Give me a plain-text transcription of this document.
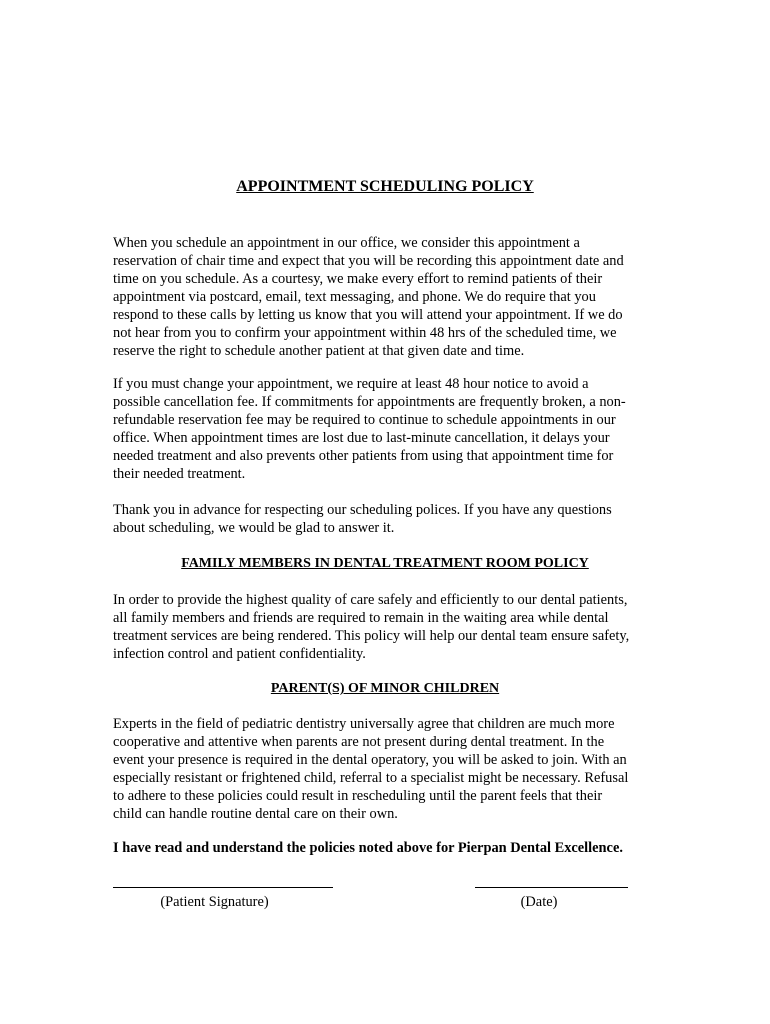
APPOINTMENT SCHEDULING POLICY

When you schedule an appointment in our office, we consider this appointment a
reservation of chair time and expect that you will be recording this appointment date and
time on you schedule. As a courtesy, we make every effort to remind patients of their
appointment via postcard, email, text messaging, and phone. We do require that you
respond to these calls by letting us know that you will attend your appointment. If we do
not hear from you to confirm your appointment within 48 hrs of the scheduled time, we
reserve the right to schedule another patient at that given date and time.

If you must change your appointment, we require at least 48 hour notice to avoid a
possible cancellation fee. If commitments for appointments are frequently broken, a non-
refundable reservation fee may be required to continue to schedule appointments in our
office. When appointment times are lost due to last-minute cancellation, it delays your
needed treatment and also prevents other patients from using that appointment time for
their needed treatment.

Thank you in advance for respecting our scheduling polices. If you have any questions
about scheduling, we would be glad to answer it.

FAMILY MEMBERS IN DENTAL TREATMENT ROOM POLICY

In order to provide the highest quality of care safely and efficiently to our dental patients,
all family members and friends are required to remain in the waiting area while dental
treatment services are being rendered. This policy will help our dental team ensure safety,
infection control and patient confidentiality.

PARENT(S) OF MINOR CHILDREN

Experts in the field of pediatric dentistry universally agree that children are much more
cooperative and attentive when parents are not present during dental treatment. In the
event your presence is required in the dental operatory, you will be asked to join. With an
especially resistant or frightened child, referral to a specialist might be necessary. Refusal
to adhere to these policies could result in rescheduling until the parent feels that their
child can handle routine dental care on their own.

I have read and understand the policies noted above for Pierpan Dental Excellence.

(Patient Signature)	(Date)
